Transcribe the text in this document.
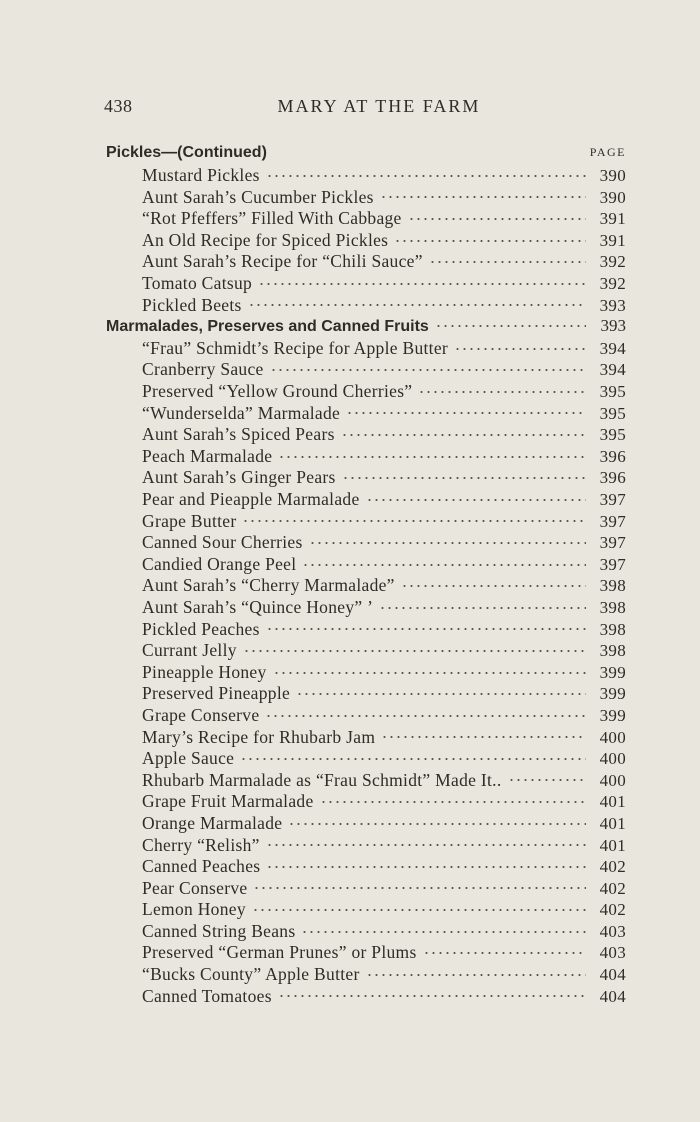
438	MARY AT THE FARM
Pickles—(Continued)	PAGE
Mustard Pickles	390
Aunt Sarah’s Cucumber Pickles	390
“Rot Pfeffers” Filled With Cabbage	391
An Old Recipe for Spiced Pickles	391
Aunt Sarah’s Recipe for “Chili Sauce”	392
Tomato Catsup	392
Pickled Beets	393
Marmalades, Preserves and Canned Fruits	393
“Frau” Schmidt’s Recipe for Apple Butter	394
Cranberry Sauce	394
Preserved “Yellow Ground Cherries”	395
“Wunderselda” Marmalade	395
Aunt Sarah’s Spiced Pears	395
Peach Marmalade	396
Aunt Sarah’s Ginger Pears	396
Pear and Pieapple Marmalade	397
Grape Butter	397
Canned Sour Cherries	397
Candied Orange Peel	397
Aunt Sarah’s “Cherry Marmalade”	398
Aunt Sarah’s “Quince Honey” ’	398
Pickled Peaches	398
Currant Jelly	398
Pineapple Honey	399
Preserved Pineapple	399
Grape Conserve	399
Mary’s Recipe for Rhubarb Jam	400
Apple Sauce	400
Rhubarb Marmalade as “Frau Schmidt” Made It..	400
Grape Fruit Marmalade	401
Orange Marmalade	401
Cherry “Relish”	401
Canned Peaches	402
Pear Conserve	402
Lemon Honey	402
Canned String Beans	403
Preserved “German Prunes” or Plums	403
“Bucks County” Apple Butter	404
Canned Tomatoes	404
